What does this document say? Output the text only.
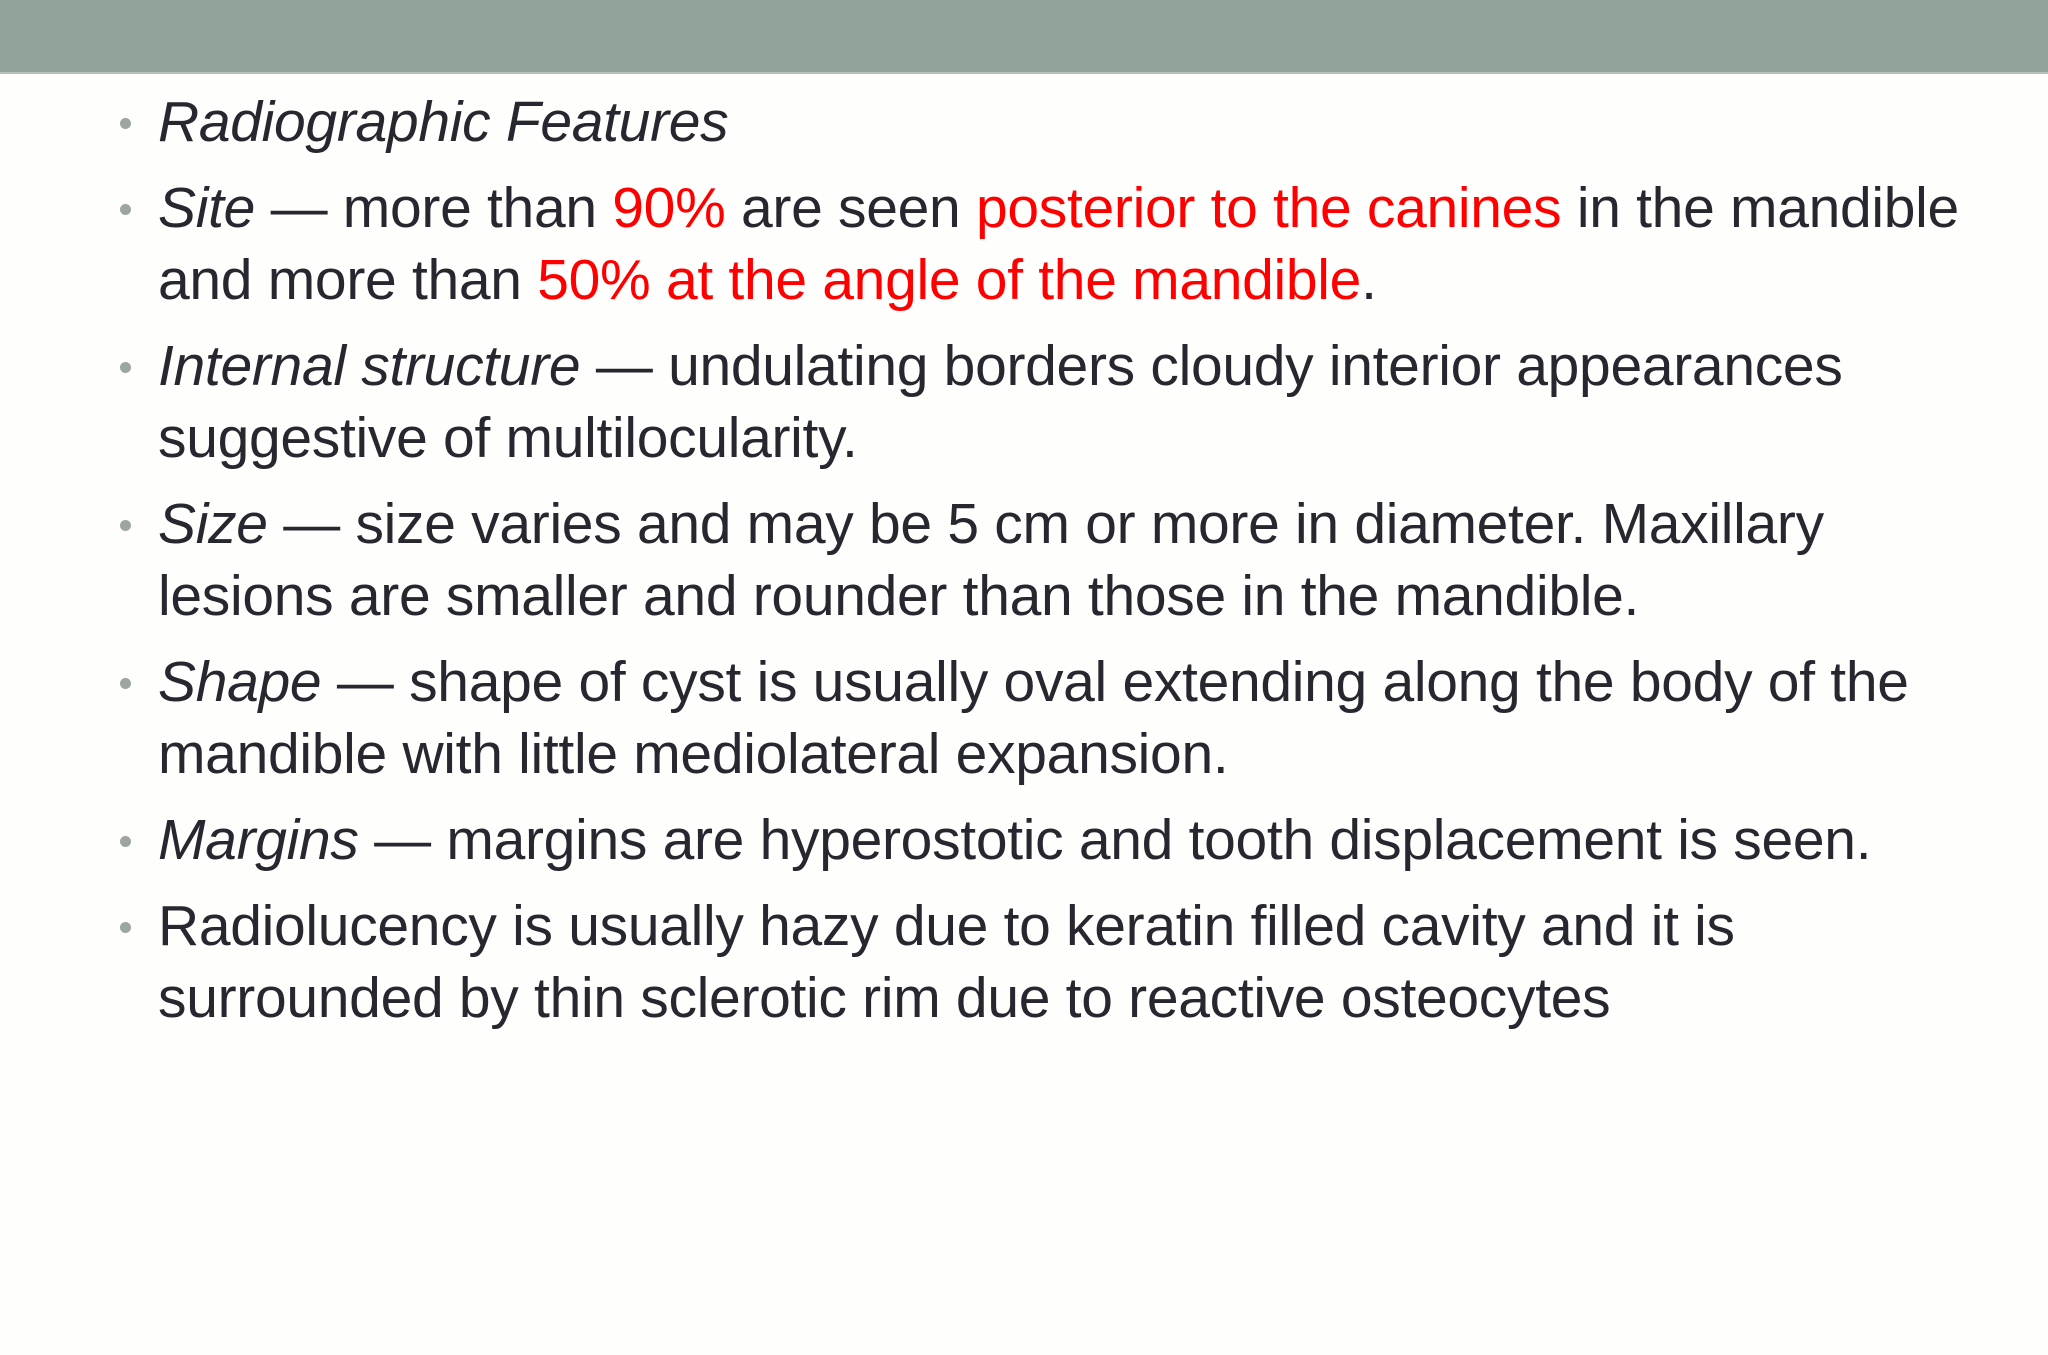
Radiographic Features
Site — more than 90% are seen posterior to the canines in the mandible and more than 50% at the angle of the mandible.
Internal structure — undulating borders cloudy interior appearances suggestive of multilocularity.
Size — size varies and may be 5 cm or more in diameter. Maxillary lesions are smaller and rounder than those in the mandible.
Shape — shape of cyst is usually oval extending along the body of the mandible with little mediolateral expansion.
Margins — margins are hyperostotic and tooth displacement is seen.
Radiolucency is usually hazy due to keratin filled cavity and it is surrounded by thin sclerotic rim due to reactive osteocytes
